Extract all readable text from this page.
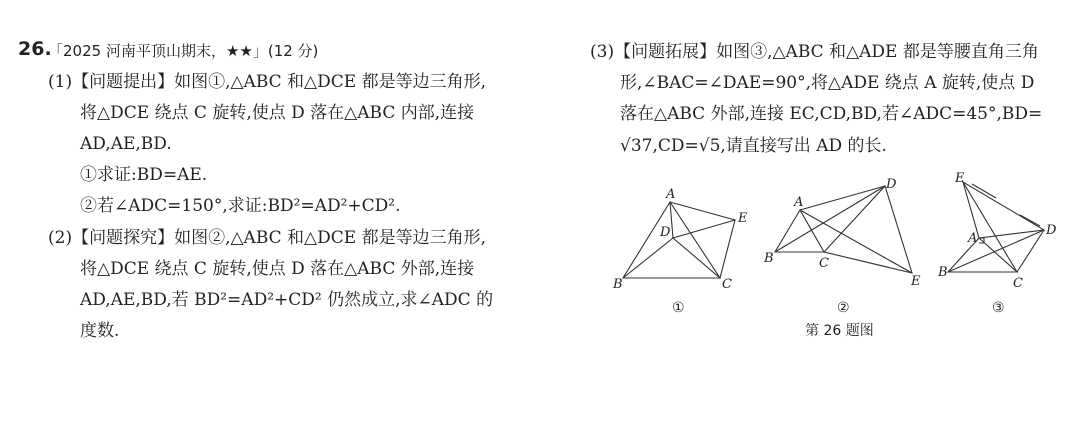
26.
「2025 河南平顶山期末，★★」(12 分)
(1)【问题提出】如图①,△ABC 和△DCE 都是等边三角形,
将△DCE 绕点 C 旋转,使点 D 落在△ABC 内部,连接
AD,AE,BD.
①求证:BD=AE.
②若∠ADC=150°,求证:BD²=AD²+CD².
(2)【问题探究】如图②,△ABC 和△DCE 都是等边三角形,
将△DCE 绕点 C 旋转,使点 D 落在△ABC 外部,连接
AD,AE,BD,若 BD²=AD²+CD² 仍然成立,求∠ADC 的
度数.
(3)【问题拓展】如图③,△ABC 和△ADE 都是等腰直角三角
形,∠BAC=∠DAE=90°,将△ADE 绕点 A 旋转,使点 D
落在△ABC 外部,连接 EC,CD,BD,若∠ADC=45°,BD=
√37,CD=√5,请直接写出 AD 的长.
A
B	C
D
E
①
A
B	C
D
E
②
E
A
B
C
D
③
第 26 题图
